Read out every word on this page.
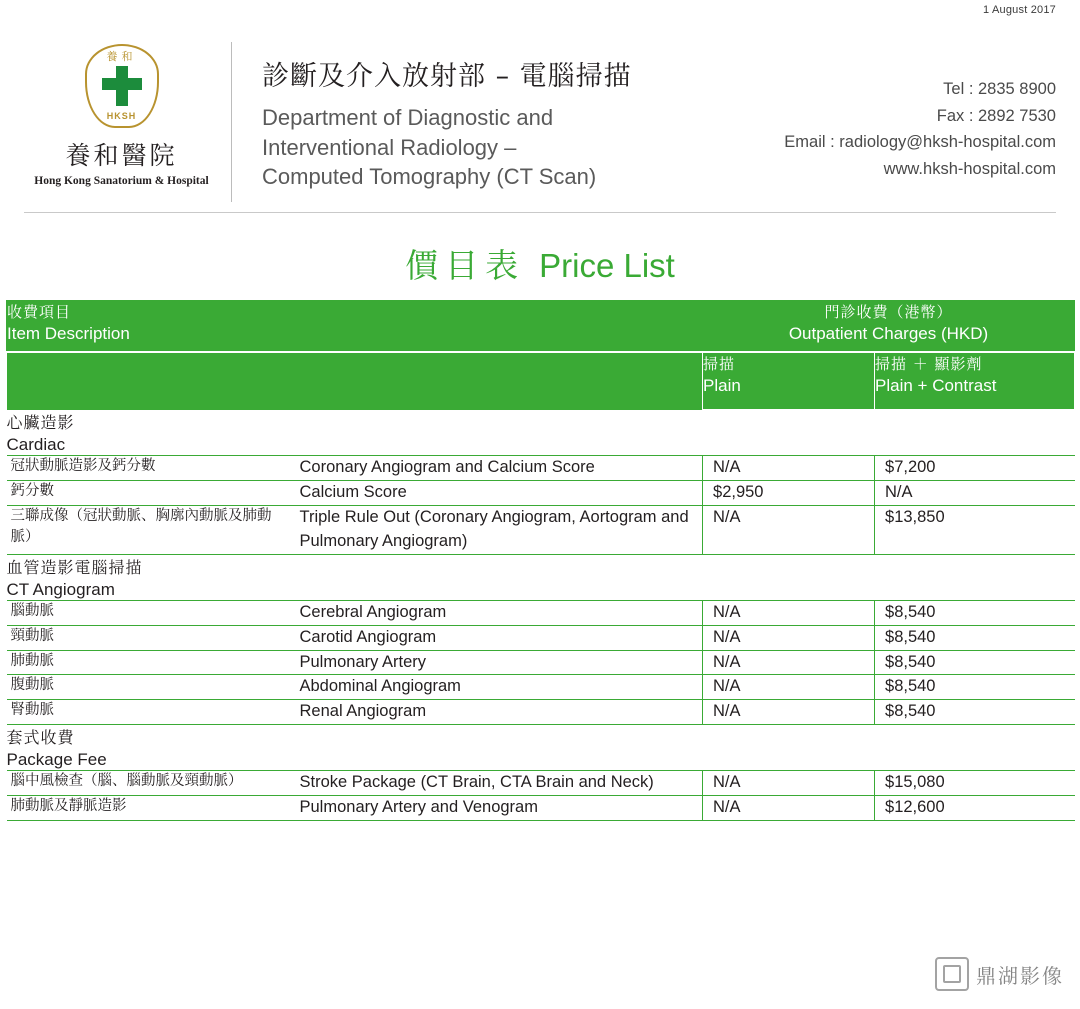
1 August 2017
養和
HKSH
養和醫院
Hong Kong Sanatorium & Hospital
診斷及介入放射部 – 電腦掃描
Department of Diagnostic and
Interventional Radiology –
Computed Tomography (CT Scan)
Tel : 2835 8900
Fax : 2892 7530
Email : radiology@hksh-hospital.com
www.hksh-hospital.com
價目表 Price List
收費項目
Item Description		門診收費（港幣）
Outpatient Charges (HKD)	

		掃描
Plain	掃描 ＋ 顯影劑
Plain + Contrast

心臟造影
Cardiac			

冠狀動脈造影及鈣分數	Coronary Angiogram and Calcium Score	N/A	$7,200
鈣分數	Calcium Score	$2,950	N/A
三聯成像（冠狀動脈、胸廓內動脈及肺動脈）	Triple Rule Out (Coronary Angiogram, Aortogram and Pulmonary Angiogram)	N/A	$13,850

血管造影電腦掃描
CT Angiogram			

腦動脈	Cerebral Angiogram	N/A	$8,540
頸動脈	Carotid Angiogram	N/A	$8,540
肺動脈	Pulmonary Artery	N/A	$8,540
腹動脈	Abdominal Angiogram	N/A	$8,540
腎動脈	Renal Angiogram	N/A	$8,540

套式收費
Package Fee			

腦中風檢查（腦、腦動脈及頸動脈）	Stroke Package (CT Brain, CTA Brain and Neck)	N/A	$15,080
肺動脈及靜脈造影	Pulmonary Artery and Venogram	N/A	$12,600
鼎湖影像
